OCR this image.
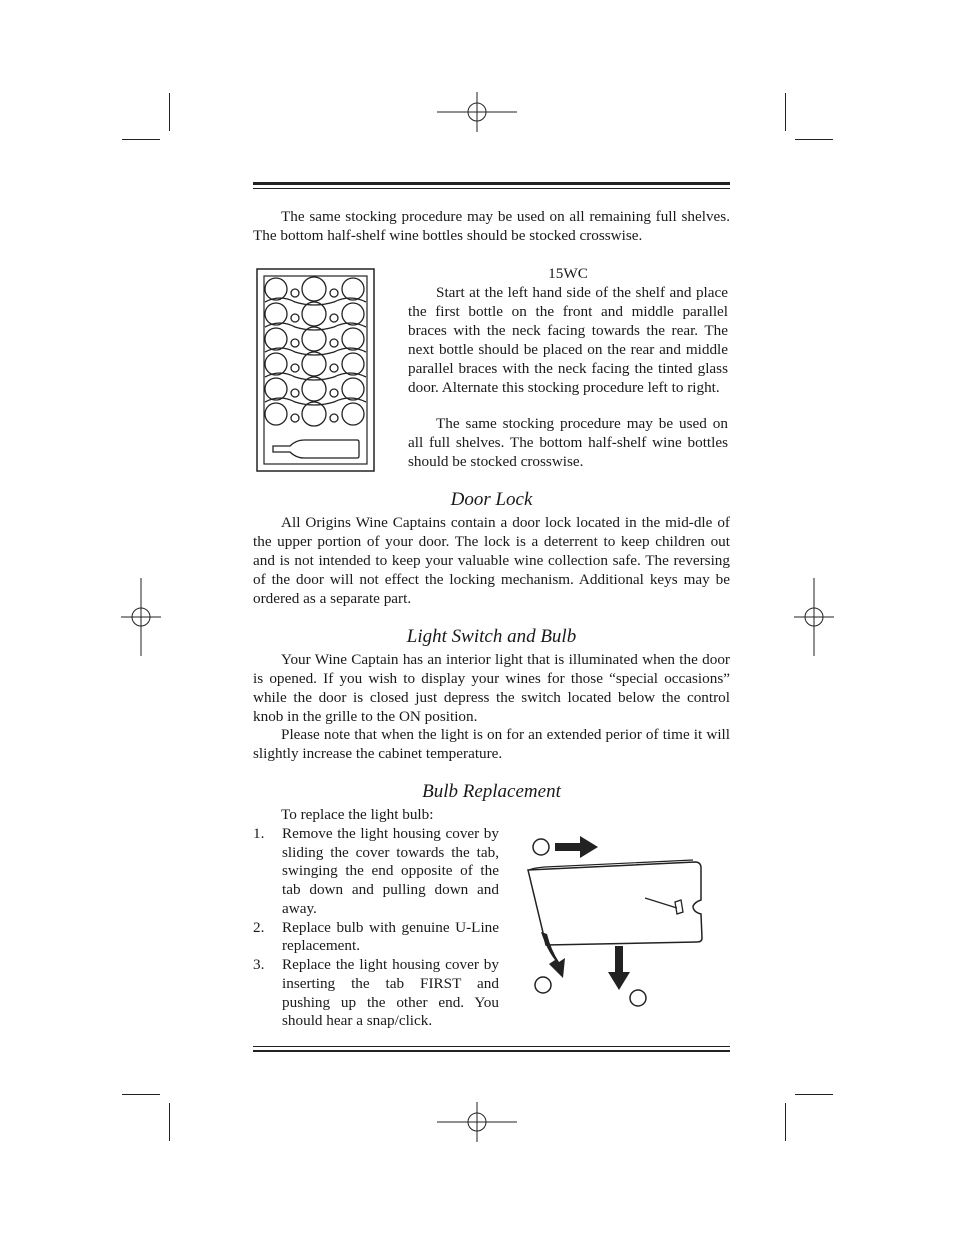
The same stocking procedure may be used on all remaining full shelves. The bottom half-shelf wine bottles should be stocked crosswise.

15WC

Start at the left hand side of the shelf and place the first bottle on the front and middle parallel braces with the neck facing towards the rear. The next bottle should be placed on the rear and middle parallel braces with the neck facing the tinted glass door. Alternate this stocking procedure left to right.

The same stocking procedure may be used on all full shelves. The bottom half-shelf wine bottles should be stocked crosswise.

Door Lock

All Origins Wine Captains contain a door lock located in the mid-dle of the upper portion of your door. The lock is a deterrent to keep children out and is not intended to keep your valuable wine collection safe. The reversing of the door will not effect the locking mechanism. Additional keys may be ordered as a separate part.

Light Switch and Bulb

Your Wine Captain has an interior light that is illuminated when the door is opened. If you wish to display your wines for those “special occasions” while the door is closed just depress the switch located below the control knob in the grille to the ON position.

Please note that when the light is on for an extended perior of time it will slightly increase the cabinet temperature.

Bulb Replacement

To replace the light bulb:

1. Remove the light housing cover by sliding the cover towards the tab, swinging the end opposite of the tab down and pulling down and away.
2. Replace bulb with genuine U-Line replacement.
3. Replace the light housing cover by inserting the tab FIRST and pushing up the other end. You should hear a snap/click.
